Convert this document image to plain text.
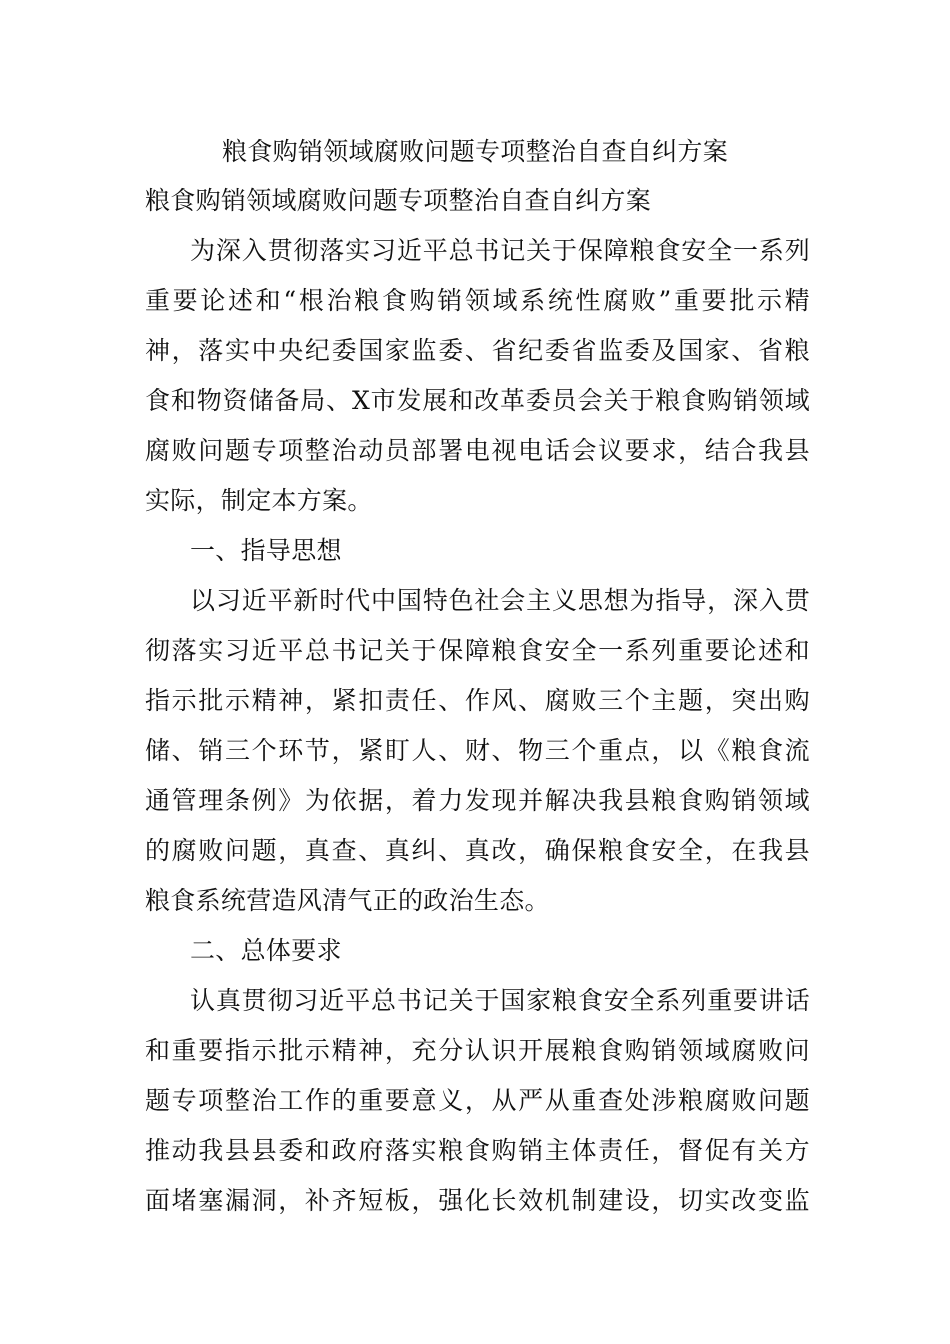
粮食购销领域腐败问题专项整治自查自纠方案
粮食购销领域腐败问题专项整治自查自纠方案
为深入贯彻落实习近平总书记关于保障粮食安全一系列
重要论述和“根治粮食购销领域系统性腐败”重要批示精
神，落实中央纪委国家监委、省纪委省监委及国家、省粮
食和物资储备局、X市发展和改革委员会关于粮食购销领域
腐败问题专项整治动员部署电视电话会议要求，结合我县
实际，制定本方案。
一、指导思想
以习近平新时代中国特色社会主义思想为指导，深入贯
彻落实习近平总书记关于保障粮食安全一系列重要论述和
指示批示精神，紧扣责任、作风、腐败三个主题，突出购
储、销三个环节，紧盯人、财、物三个重点，以《粮食流
通管理条例》为依据，着力发现并解决我县粮食购销领域
的腐败问题，真查、真纠、真改，确保粮食安全，在我县
粮食系统营造风清气正的政治生态。
二、总体要求
认真贯彻习近平总书记关于国家粮食安全系列重要讲话
和重要指示批示精神，充分认识开展粮食购销领域腐败问
题专项整治工作的重要意义，从严从重查处涉粮腐败问题
推动我县县委和政府落实粮食购销主体责任，督促有关方
面堵塞漏洞，补齐短板，强化长效机制建设，切实改变监
